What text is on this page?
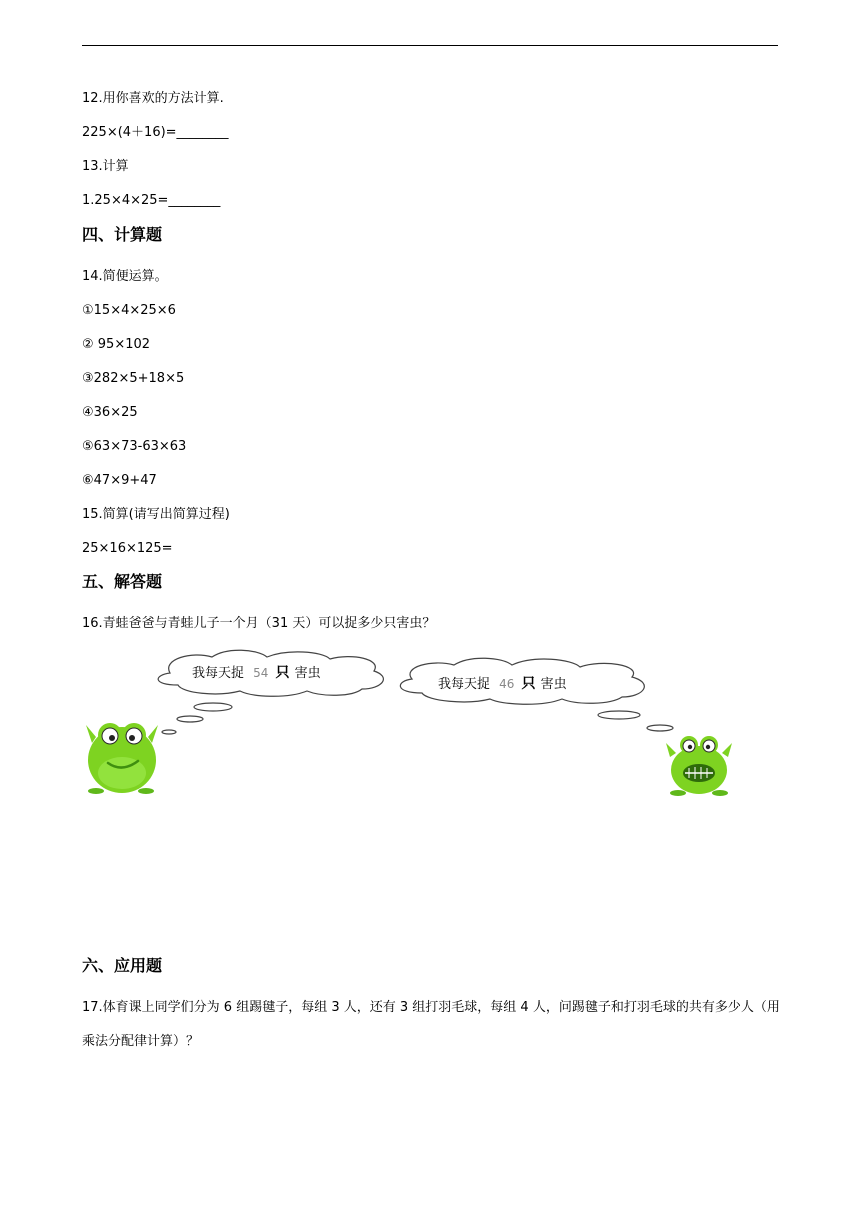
12.用你喜欢的方法计算.
225×(4＋16)=________
13.计算
1.25×4×25=________
四、计算题
14.简便运算。
①15×4×25×6
② 95×102
③282×5+18×5
④36×25
⑤63×73-63×63
⑥47×9+47
15.简算(请写出简算过程)
25×16×125=
五、解答题
16.青蛙爸爸与青蛙儿子一个月（31 天）可以捉多少只害虫？
我每天捉 54 只 害虫
我每天捉 46 只 害虫
六、应用题
17.体育课上同学们分为 6 组踢毽子，每组 3 人，还有 3 组打羽毛球，每组 4 人，问踢毽子和打羽毛球的共有多少人（用乘法分配律计算）？
